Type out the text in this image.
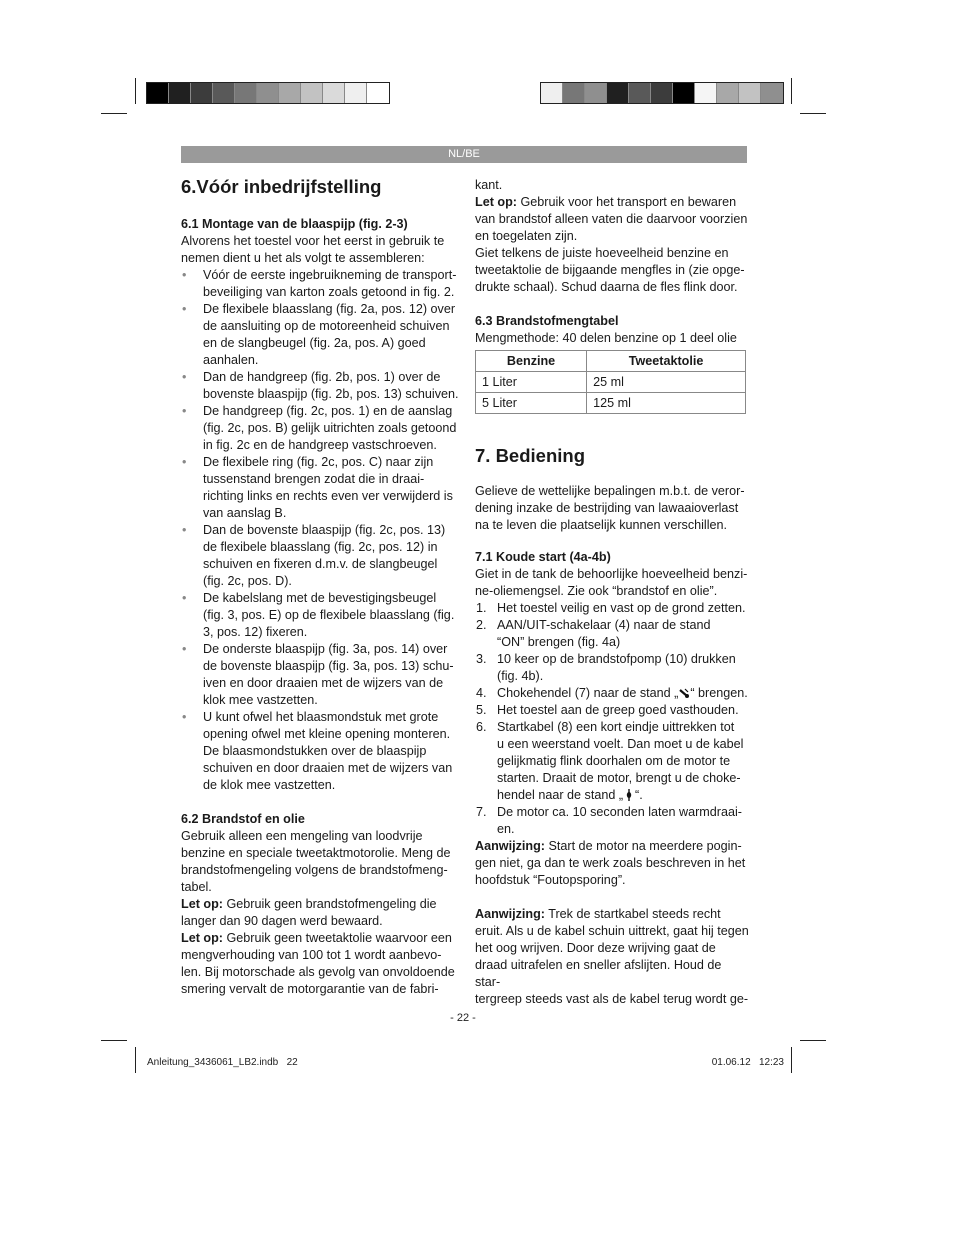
NL/BE
6.Vóór inbedrijfstelling
6.1 Montage van de blaaspijp (fig. 2-3)

Alvorens het toestel voor het eerst in gebruik te
nemen dient u het als volgt te assembleren:

• Vóór de eerste ingebruikneming de transport-
beveiliging van karton zoals getoond in fig. 2.
• De flexibele blaasslang (fig. 2a, pos. 12) over
de aansluiting op de motoreenheid schuiven
en de slangbeugel (fig. 2a, pos. A) goed
aanhalen.
• Dan de handgreep (fig. 2b, pos. 1) over de
bovenste blaaspijp (fig. 2b, pos. 13) schuiven.
• De handgreep (fig. 2c, pos. 1) en de aanslag
(fig. 2c, pos. B) gelijk uitrichten zoals getoond
in fig. 2c en de handgreep vastschroeven.
• De flexibele ring (fig. 2c, pos. C) naar zijn
tussenstand brengen zodat die in draai-
richting links en rechts even ver verwijderd is
van aanslag B.
• Dan de bovenste blaaspijp (fig. 2c, pos. 13)
de flexibele blaasslang (fig. 2c, pos. 12) in
schuiven en fixeren d.m.v. de slangbeugel
(fig. 2c, pos. D).
• De kabelslang met de bevestigingsbeugel
(fig. 3, pos. E) op de flexibele blaasslang (fig.
3, pos. 12) fixeren.
• De onderste blaaspijp (fig. 3a, pos. 14) over
de bovenste blaaspijp (fig. 3a, pos. 13) schu-
iven en door draaien met de wijzers van de
klok mee vastzetten.
• U kunt ofwel het blaasmondstuk met grote
opening ofwel met kleine opening monteren.
De blaasmondstukken over de blaaspijp
schuiven en door draaien met de wijzers van
de klok mee vastzetten.
6.2 Brandstof en olie

Gebruik alleen een mengeling van loodvrije
benzine en speciale tweetaktmotorolie. Meng de
brandstofmengeling volgens de brandstofmeng-
tabel.

Let op: Gebruik geen brandstofmengeling die
langer dan 90 dagen werd bewaard.

Let op: Gebruik geen tweetaktolie waarvoor een
mengverhouding van 100 tot 1 wordt aanbevo-
len. Bij motorschade als gevolg van onvoldoende
smering vervalt de motorgarantie van de fabri-

kant.

Let op: Gebruik voor het transport en bewaren
van brandstof alleen vaten die daarvoor voorzien
en toegelaten zijn.

Giet telkens de juiste hoeveelheid benzine en
tweetaktolie de bijgaande mengfles in (zie opge-
drukte schaal). Schud daarna de fles flink door.

6.3 Brandstofmengtabel

Mengmethode: 40 delen benzine op 1 deel olie

Benzine	Tweetaktolie
1 Liter	25 ml
5 Liter	125 ml
7. Bediening

Gelieve de wettelijke bepalingen m.b.t. de veror-
dening inzake de bestrijding van lawaaioverlast
na te leven die plaatselijk kunnen verschillen.

7.1 Koude start (4a-4b)

Giet in de tank de behoorlijke hoeveelheid benzi-
ne-oliemengsel. Zie ook “brandstof en olie”.

1. Het toestel veilig en vast op de grond zetten.
2. AAN/UIT-schakelaar (4) naar de stand
“ON” brengen (fig. 4a)
3. 10 keer op de brandstofpomp (10) drukken
(fig. 4b).
4. Chokehendel (7) naar de stand „ “ brengen.
5. Het toestel aan de greep goed vasthouden.
6. Startkabel (8) een kort eindje uittrekken tot
u een weerstand voelt. Dan moet u de kabel
gelijkmatig flink doorhalen om de motor te
starten. Draait de motor, brengt u de choke-
hendel naar de stand „ “.
7. De motor ca. 10 seconden laten warmdraai-
en.

Aanwijzing: Start de motor na meerdere pogin-
gen niet, ga dan te werk zoals beschreven in het
hoofdstuk “Foutopsporing”.

Aanwijzing: Trek de startkabel steeds recht
eruit. Als u de kabel schuin uittrekt, gaat hij tegen
het oog wrijven. Door deze wrijving gaat de
draad uitrafelen en sneller afslijten. Houd de star-
tergreep steeds vast als de kabel terug wordt ge-

- 22 -
Anleitung_3436061_LB2.indb   22	01.06.12   12:23
